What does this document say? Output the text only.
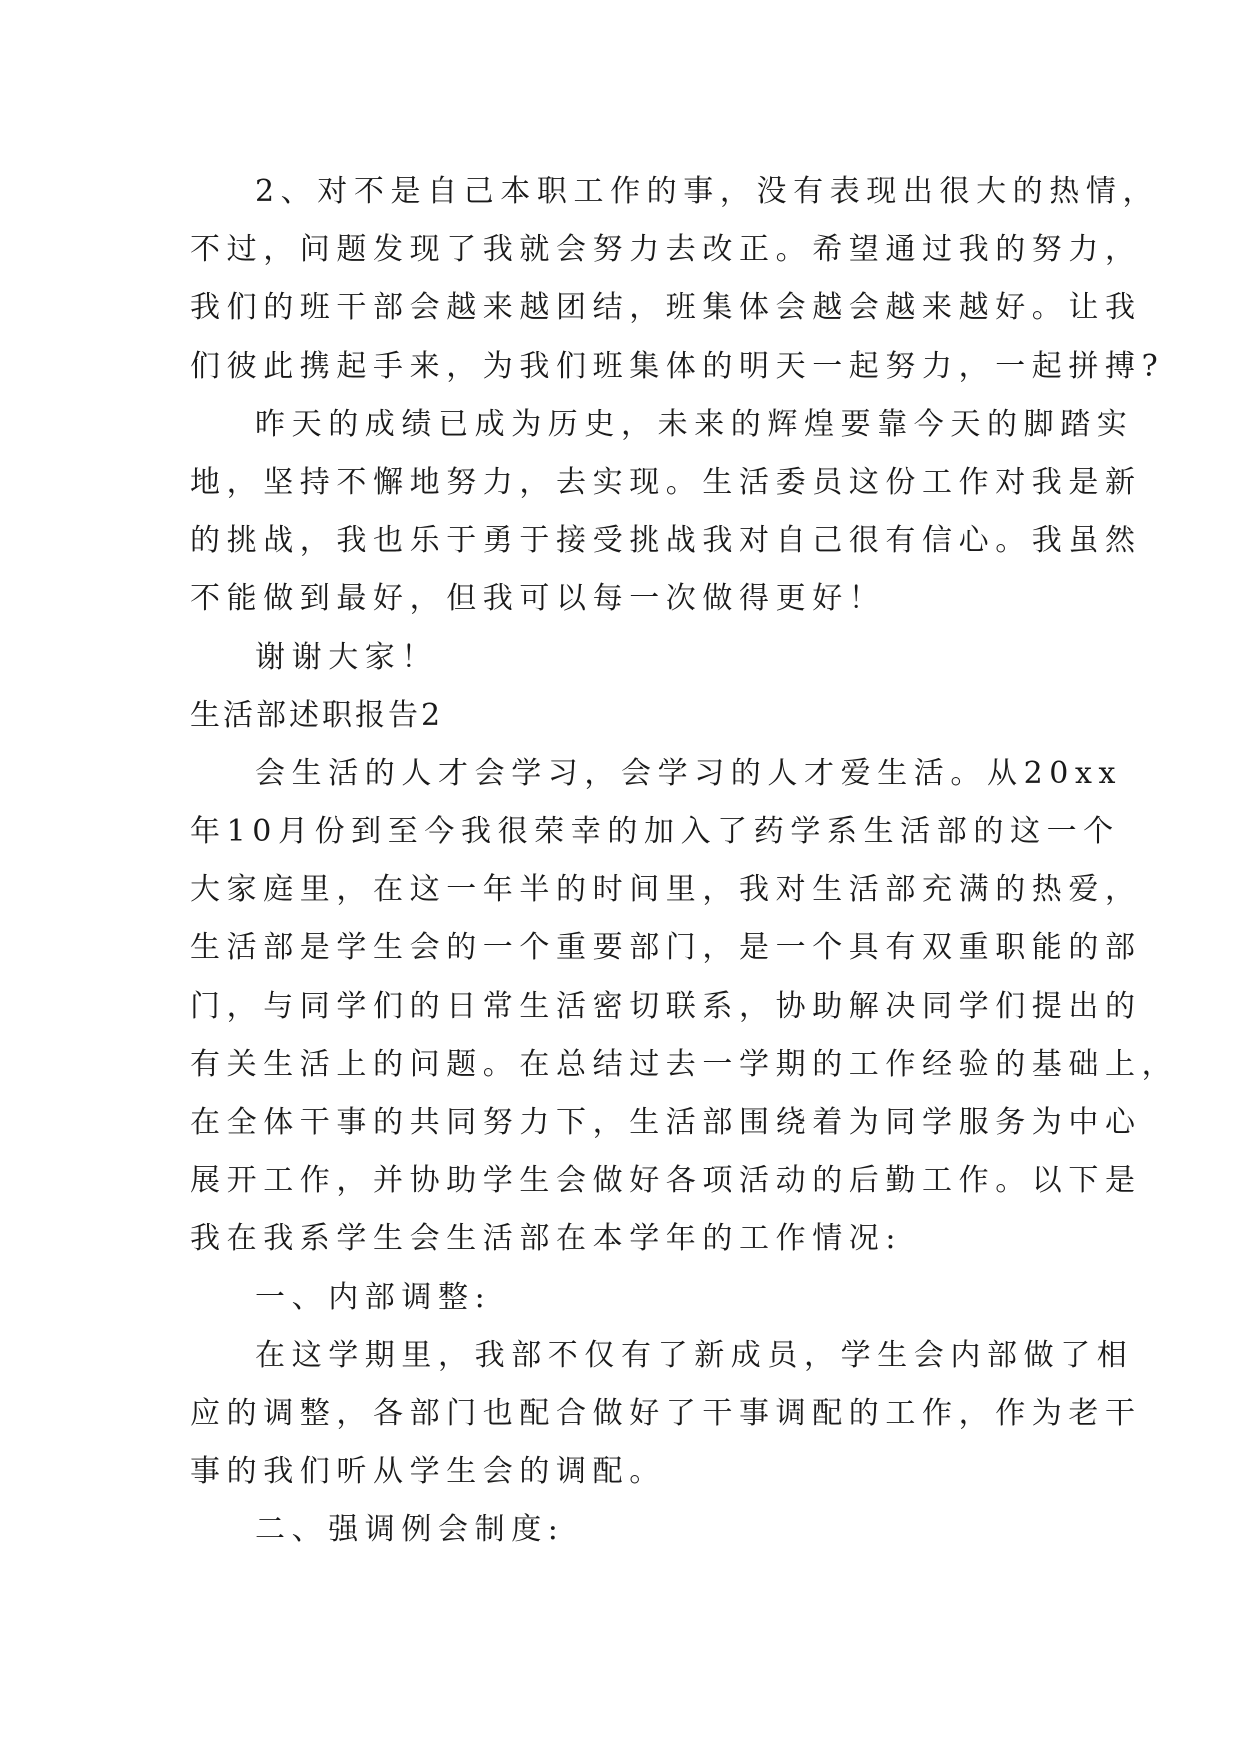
2、对不是自己本职工作的事，没有表现出很大的热情，
不过，问题发现了我就会努力去改正。希望通过我的努力，
我们的班干部会越来越团结，班集体会越会越来越好。让我
们彼此携起手来，为我们班集体的明天一起努力，一起拼搏?
昨天的成绩已成为历史，未来的辉煌要靠今天的脚踏实
地，坚持不懈地努力，去实现。生活委员这份工作对我是新
的挑战，我也乐于勇于接受挑战我对自己很有信心。我虽然
不能做到最好，但我可以每一次做得更好！
谢谢大家！
生活部述职报告2
会生活的人才会学习，会学习的人才爱生活。从20xx
年10月份到至今我很荣幸的加入了药学系生活部的这一个
大家庭里，在这一年半的时间里，我对生活部充满的热爱，
生活部是学生会的一个重要部门，是一个具有双重职能的部
门，与同学们的日常生活密切联系，协助解决同学们提出的
有关生活上的问题。在总结过去一学期的工作经验的基础上，
在全体干事的共同努力下，生活部围绕着为同学服务为中心
展开工作，并协助学生会做好各项活动的后勤工作。以下是
我在我系学生会生活部在本学年的工作情况:
一、内部调整:
在这学期里，我部不仅有了新成员，学生会内部做了相
应的调整，各部门也配合做好了干事调配的工作，作为老干
事的我们听从学生会的调配。
二、强调例会制度:
